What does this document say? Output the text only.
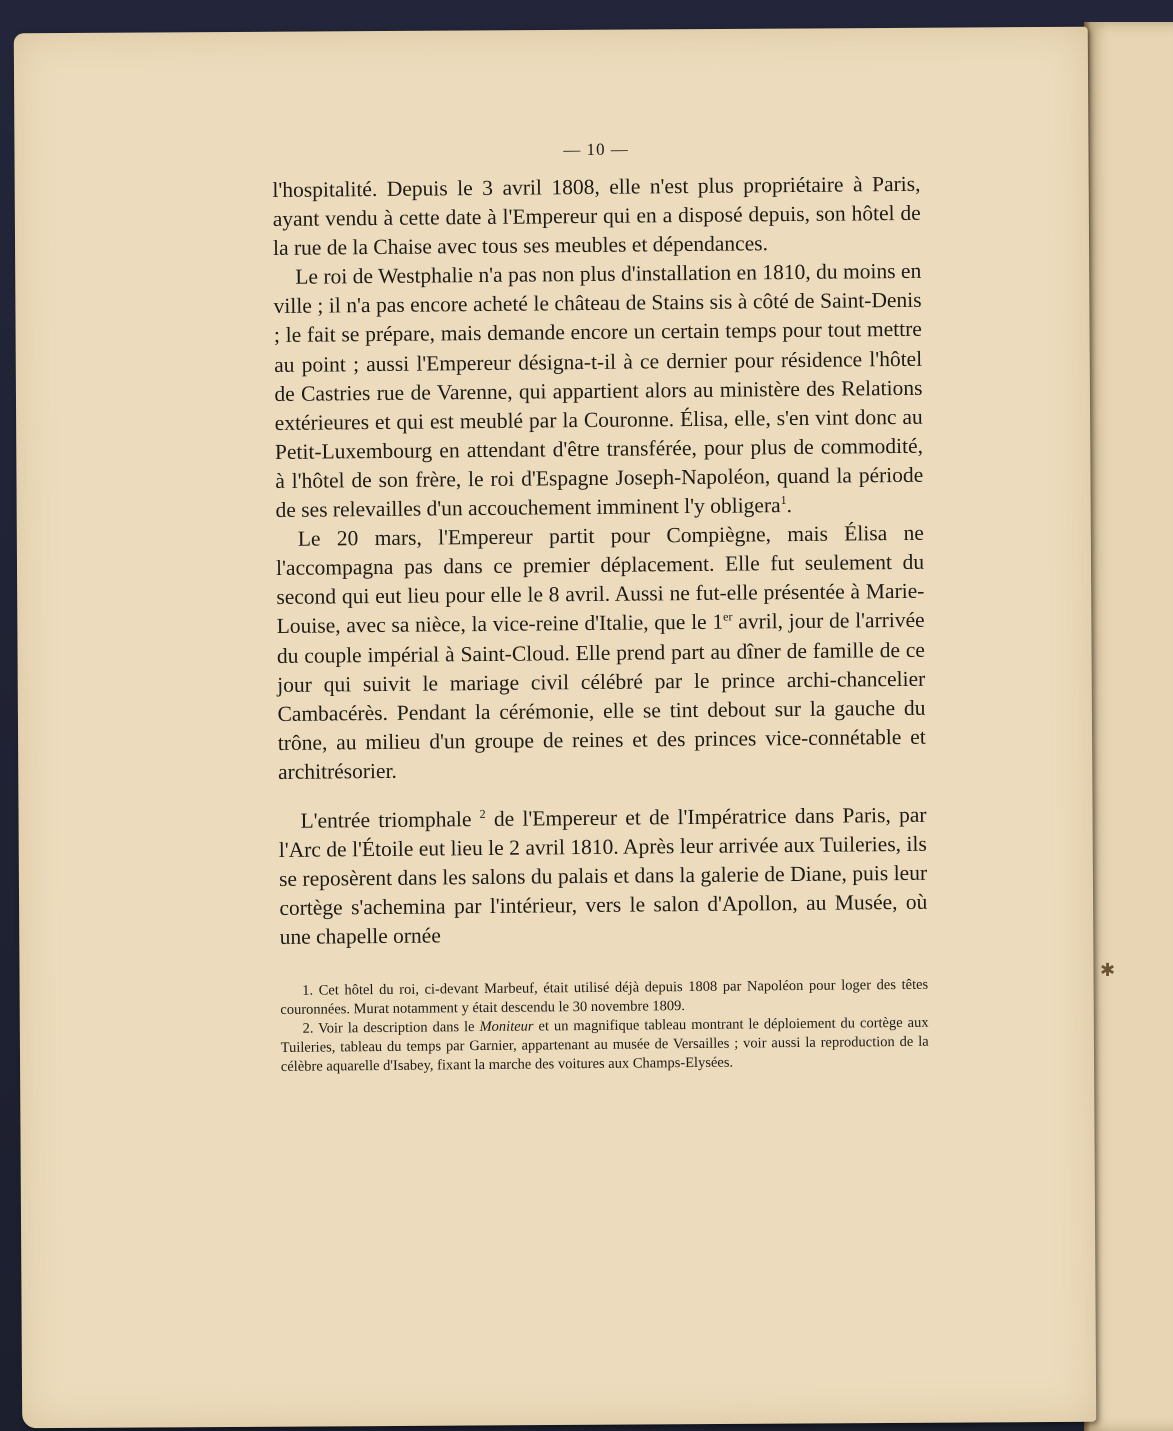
— 10 —

l'hospitalité. Depuis le 3 avril 1808, elle n'est plus propriétaire à Paris, ayant vendu à cette date à l'Empereur qui en a disposé depuis, son hôtel de la rue de la Chaise avec tous ses meubles et dépendances.

Le roi de Westphalie n'a pas non plus d'installation en 1810, du moins en ville ; il n'a pas encore acheté le château de Stains sis à côté de Saint-Denis ; le fait se prépare, mais demande encore un certain temps pour tout mettre au point ; aussi l'Empereur désigna-t-il à ce dernier pour résidence l'hôtel de Castries rue de Varenne, qui appartient alors au ministère des Relations extérieures et qui est meublé par la Couronne. Élisa, elle, s'en vint donc au Petit-Luxembourg en attendant d'être transférée, pour plus de commodité, à l'hôtel de son frère, le roi d'Espagne Joseph-Napoléon, quand la période de ses relevailles d'un accouchement imminent l'y obligera$^1$.

Le 20 mars, l'Empereur partit pour Compiègne, mais Élisa ne l'accompagna pas dans ce premier déplacement. Elle fut seulement du second qui eut lieu pour elle le 8 avril. Aussi ne fut-elle présentée à Marie-Louise, avec sa nièce, la vice-reine d'Italie, que le 1er avril, jour de l'arrivée du couple impérial à Saint-Cloud. Elle prend part au dîner de famille de ce jour qui suivit le mariage civil célébré par le prince archi-chancelier Cambacérès. Pendant la cérémonie, elle se tint debout sur la gauche du trône, au milieu d'un groupe de reines et des princes vice-connétable et architrésorier.

L'entrée triomphale $^2$ de l'Empereur et de l'Impératrice dans Paris, par l'Arc de l'Étoile eut lieu le 2 avril 1810. Après leur arrivée aux Tuileries, ils se reposèrent dans les salons du palais et dans la galerie de Diane, puis leur cortège s'achemina par l'intérieur, vers le salon d'Apollon, au Musée, où une chapelle ornée

1. Cet hôtel du roi, ci-devant Marbeuf, était utilisé déjà depuis 1808 par Napoléon pour loger des têtes couronnées. Murat notamment y était descendu le 30 novembre 1809.

2. Voir la description dans le Moniteur et un magnifique tableau montrant le déploiement du cortège aux Tuileries, tableau du temps par Garnier, appartenant au musée de Versailles ; voir aussi la reproduction de la célèbre aquarelle d'Isabey, fixant la marche des voitures aux Champs-Elysées.

✱
